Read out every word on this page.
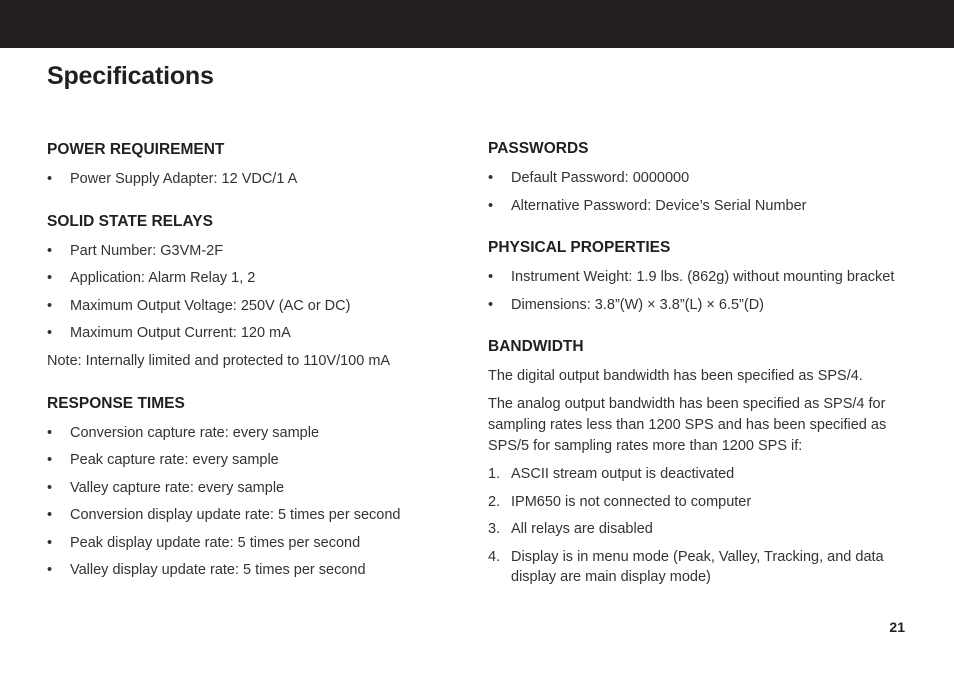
Specifications
POWER REQUIREMENT
• Power Supply Adapter: 12 VDC/1 A
SOLID STATE RELAYS
• Part Number: G3VM-2F
• Application: Alarm Relay 1, 2
• Maximum Output Voltage: 250V (AC or DC)
• Maximum Output Current: 120 mA

Note: Internally limited and protected to 110V/100 mA

RESPONSE TIMES
• Conversion capture rate: every sample
• Peak capture rate: every sample
• Valley capture rate: every sample
• Conversion display update rate: 5 times per second
• Peak display update rate: 5 times per second
• Valley display update rate: 5 times per second
PASSWORDS
• Default Password: 0000000
• Alternative Password: Device’s Serial Number
PHYSICAL PROPERTIES
• Instrument Weight: 1.9 lbs. (862g) without mounting bracket
• Dimensions: 3.8”(W) × 3.8”(L) × 6.5”(D)
BANDWIDTH

The digital output bandwidth has been specified as SPS/4.

The analog output bandwidth has been specified as SPS/4 for sampling rates less than 1200 SPS and has been specified as SPS/5 for sampling rates more than 1200 SPS if:

1. ASCII stream output is deactivated
2. IPM650 is not connected to computer
3. All relays are disabled
4. Display is in menu mode (Peak, Valley, Tracking, and data display are main display mode)
21
